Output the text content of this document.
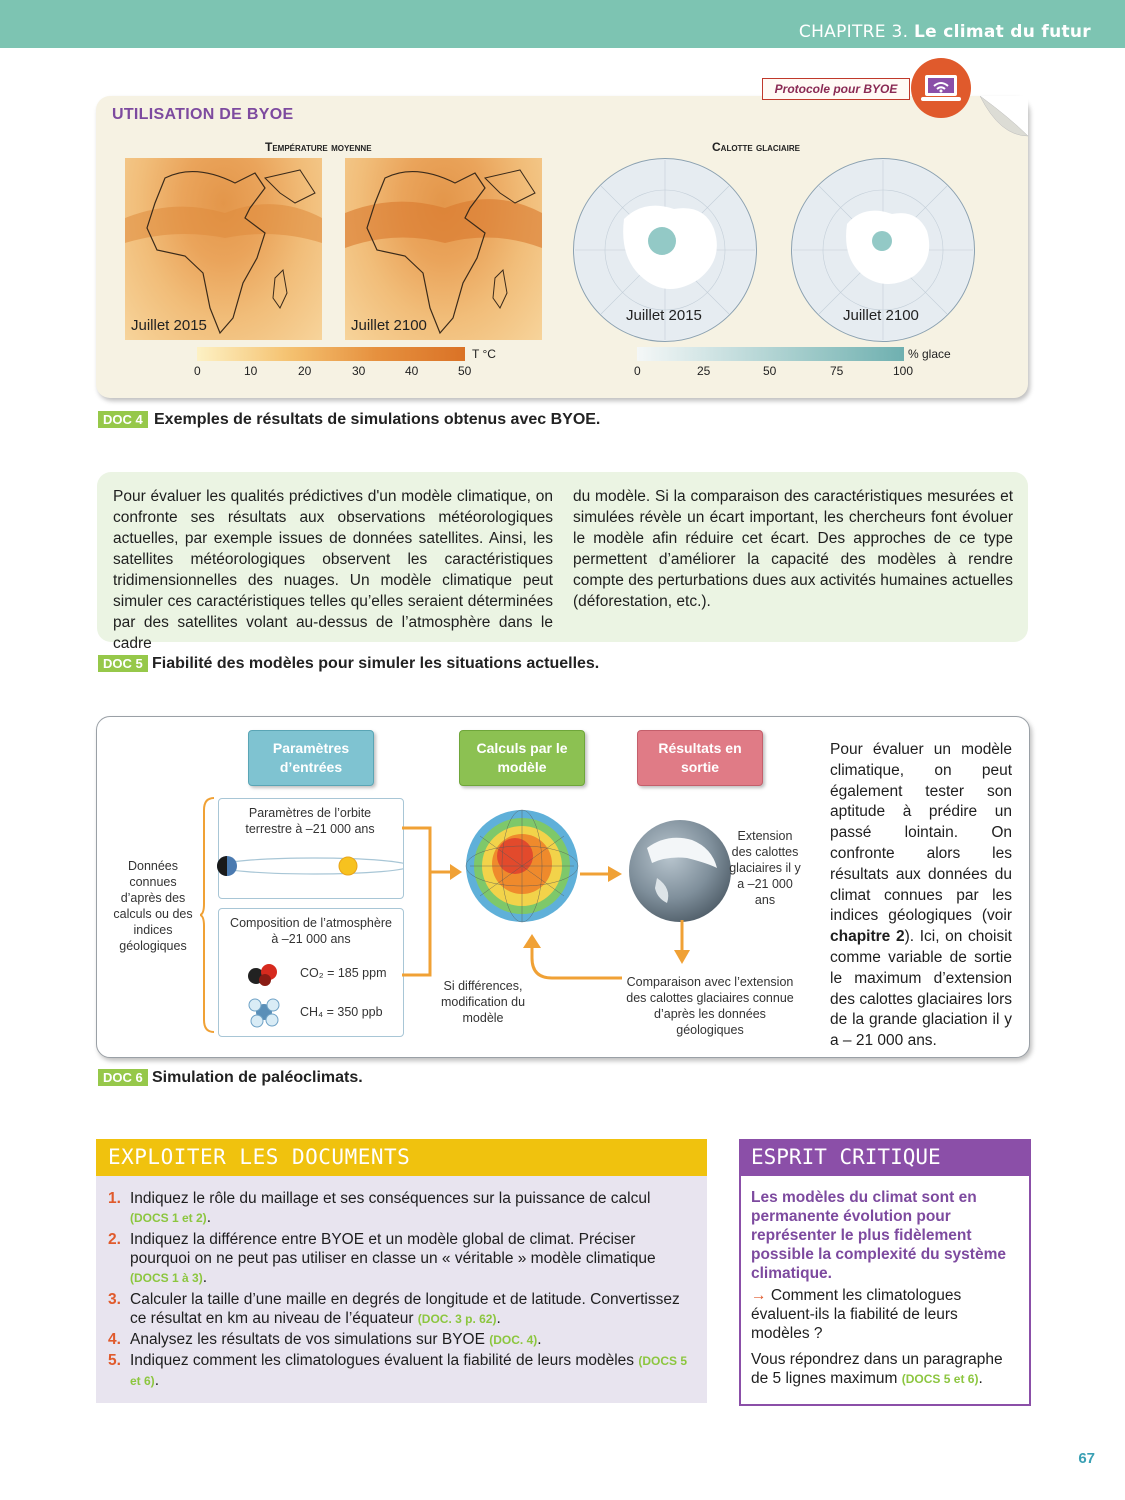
CHAPITRE 3. Le climat du futur
UTILISATION DE BYOE
Protocole pour BYOE
Température moyenne	Calotte glaciaire
Juillet 2015	Juillet 2100
Juillet 2015	Juillet 2100
T °C
0	10	20	30	40	50
% glace
0	25	50	75	100
DOC 4 Exemples de résultats de simulations obtenus avec BYOE.
Pour évaluer les qualités prédictives d'un modèle climatique, on confronte ses résultats aux observations météorologiques actuelles, par exemple issues de données satellites. Ainsi, les satellites météorologiques observent les caractéristiques tridimensionnelles des nuages. Un modèle climatique peut simuler ces caractéristiques telles qu’elles seraient déterminées par des satellites volant au-dessus de l’atmosphère dans le cadre
du modèle. Si la comparaison des caractéristiques mesurées et simulées révèle un écart important, les chercheurs font évoluer le modèle afin réduire cet écart. Des approches de ce type permettent d’améliorer la capacité des modèles à rendre compte des perturbations dues aux activités humaines actuelles (déforestation, etc.).
DOC 5 Fiabilité des modèles pour simuler les situations actuelles.
Paramètres d’entrées
Calculs par le modèle
Résultats en sortie
Données connues d’après des calculs ou des indices géologiques
Paramètres de l’orbite terrestre à –21 000 ans
Composition de l’atmosphère à –21 000 ans
CO₂ = 185 ppm
CH₄ = 350 ppb
Extension des calottes glaciaires il y a –21 000 ans
Comparaison avec l’extension des calottes glaciaires connue d’après les données géologiques
Si différences, modification du modèle
Pour évaluer un modèle climatique, on peut également tester son aptitude à prédire un passé lointain. On confronte alors les résultats aux données du climat connues par les indices géologiques (voir chapitre 2). Ici, on choisit comme variable de sortie le maximum d’extension des calottes glaciaires lors de la grande glaciation il y a – 21 000 ans.
DOC 6 Simulation de paléoclimats.
EXPLOITER LES DOCUMENTS
1. Indiquez le rôle du maillage et ses conséquences sur la puissance de calcul (DOCS 1 et 2).
2. Indiquez la différence entre BYOE et un modèle global de climat. Préciser pourquoi on ne peut pas utiliser en classe un « véritable » modèle climatique (DOCS 1 à 3).
3. Calculer la taille d’une maille en degrés de longitude et de latitude. Convertissez ce résultat en km au niveau de l’équateur (DOC. 3 p. 62).
4. Analysez les résultats de vos simulations sur BYOE (DOC. 4).
5. Indiquez comment les climatologues évaluent la fiabilité de leurs modèles (DOCS 5 et 6).
ESPRIT CRITIQUE
Les modèles du climat sont en permanente évolution pour représenter le plus fidèlement possible la complexité du système climatique.
→ Comment les climatologues évaluent-ils la fiabilité de leurs modèles ?
Vous répondrez dans un paragraphe de 5 lignes maximum (DOCS 5 et 6).
67
